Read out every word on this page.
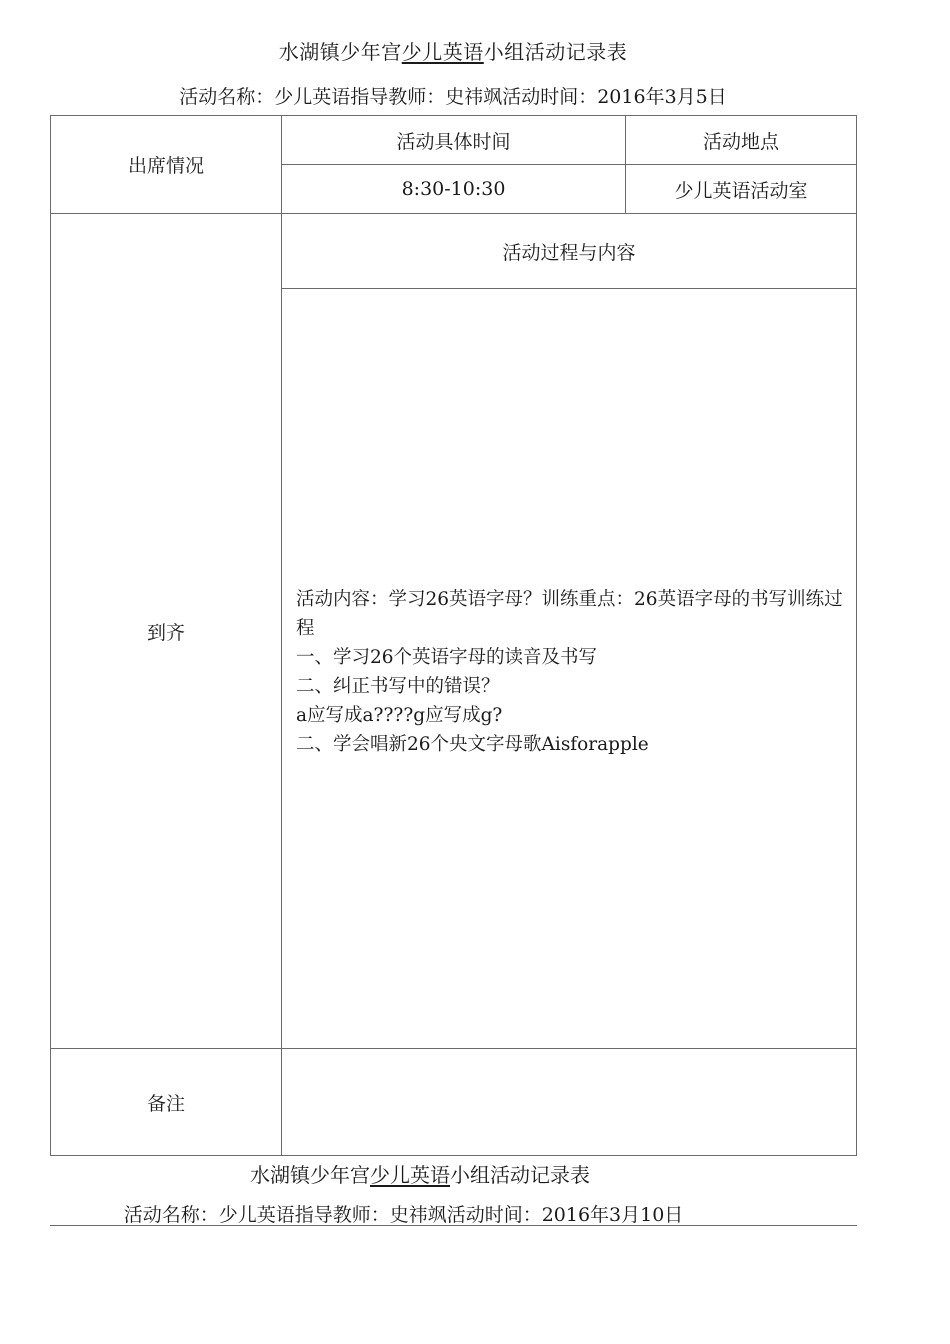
水湖镇少年宫少儿英语小组活动记录表
活动名称：少儿英语指导教师：史祎飒活动时间：2016年3月5日
出席情况
活动具体时间	活动地点
8:30-10:30	少儿英语活动室
到齐
活动过程与内容
备注
活动内容：学习26英语字母？训练重点：26英语字母的书写训练过程
一、学习26个英语字母的读音及书写
二、纠正书写中的错误？
a应写成a????g应写成g?
二、学会唱新26个央文字母歌Aisforapple
水湖镇少年宫少儿英语小组活动记录表
活动名称：少儿英语指导教师：史祎飒活动时间：2016年3月10日
